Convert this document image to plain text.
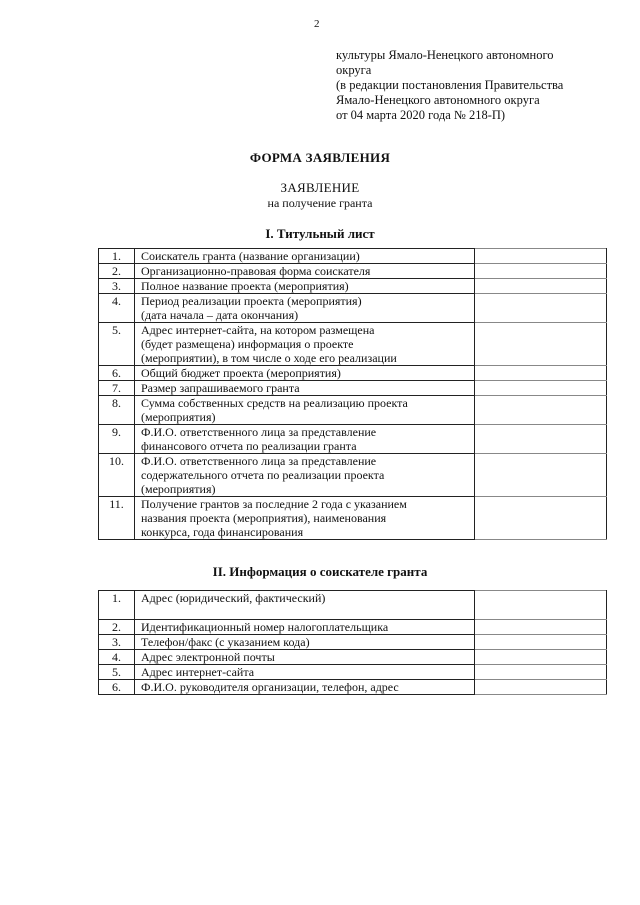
2
культуры Ямало-Ненецкого автономного
округа
(в редакции постановления Правительства
Ямало-Ненецкого автономного округа
от 04 марта 2020 года № 218-П)
ФОРМА ЗАЯВЛЕНИЯ
ЗАЯВЛЕНИЕ
на получение гранта
I. Титульный лист
1.	Соискатель гранта (название организации)	

2.	Организационно-правовая форма соискателя	

3.	Полное название проекта (мероприятия)	

4.	Период реализации проекта (мероприятия)
(дата начала – дата окончания)	

5.	Адрес интернет-сайта, на котором размещена
(будет размещена) информация о проекте
(мероприятии), в том числе о ходе его реализации	

6.	Общий бюджет проекта (мероприятия)	

7.	Размер запрашиваемого гранта	

8.	Сумма собственных средств на реализацию проекта
(мероприятия)	

9.	Ф.И.О. ответственного лица за представление
финансового отчета по реализации гранта	

10.	Ф.И.О. ответственного лица за представление
содержательного отчета по реализации проекта
(мероприятия)	

11.	Получение грантов за последние 2 года с указанием
названия проекта (мероприятия), наименования
конкурса, года финансирования	

II. Информация о соискателе гранта
1.	Адрес (юридический, фактический)	

2.	Идентификационный номер налогоплательщика	

3.	Телефон/факс (с указанием кода)	

4.	Адрес электронной почты	

5.	Адрес интернет-сайта	

6.	Ф.И.О. руководителя организации, телефон, адрес	
